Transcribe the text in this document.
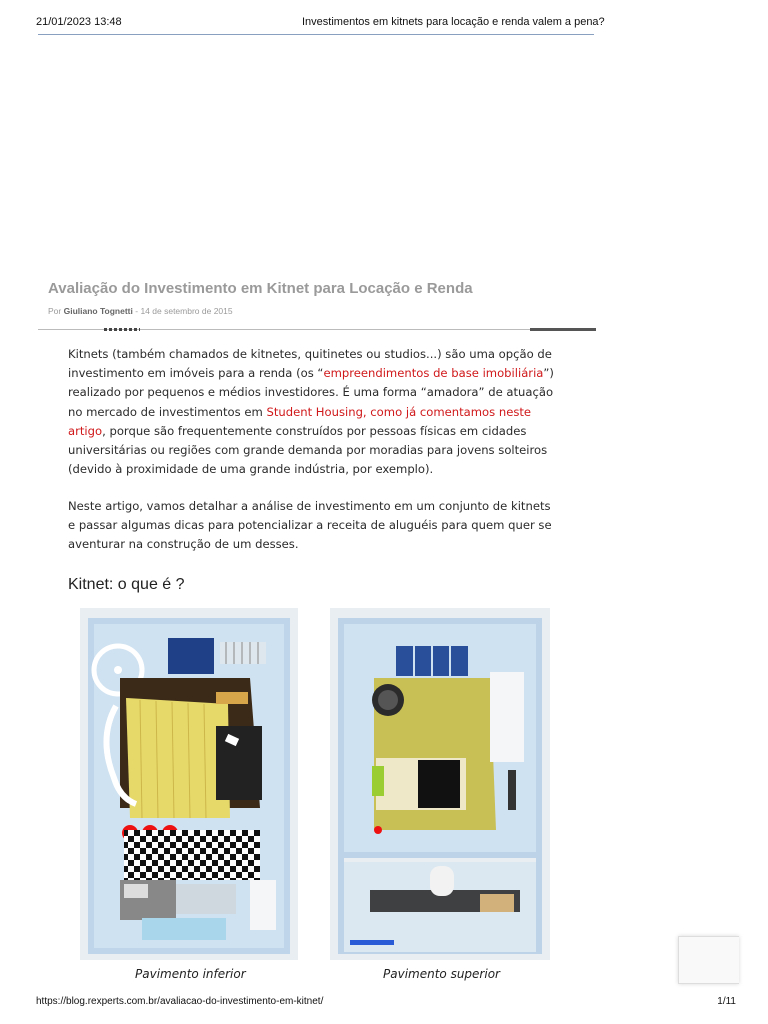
21/01/2023 13:48	Investimentos em kitnets para locação e renda valem a pena?
Avaliação do Investimento em Kitnet para Locação e Renda
Por Giuliano Tognetti - 14 de setembro de 2015

Kitnets (também chamados de kitnetes, quitinetes ou studios...) são uma opção de investimento em imóveis para a renda (os “empreendimentos de base imobiliária”) realizado por pequenos e médios investidores. É uma forma “amadora” de atuação no mercado de investimentos em Student Housing, como já comentamos neste artigo, porque são frequentemente construídos por pessoas físicas em cidades universitárias ou regiões com grande demanda por moradias para jovens solteiros (devido à proximidade de uma grande indústria, por exemplo).

Neste artigo, vamos detalhar a análise de investimento em um conjunto de kitnets e passar algumas dicas para potencializar a receita de aluguéis para quem quer se aventurar na construção de um desses.

Kitnet: o que é ?
Pavimento inferior	Pavimento superior
https://blog.rexperts.com.br/avaliacao-do-investimento-em-kitnet/	1/11
